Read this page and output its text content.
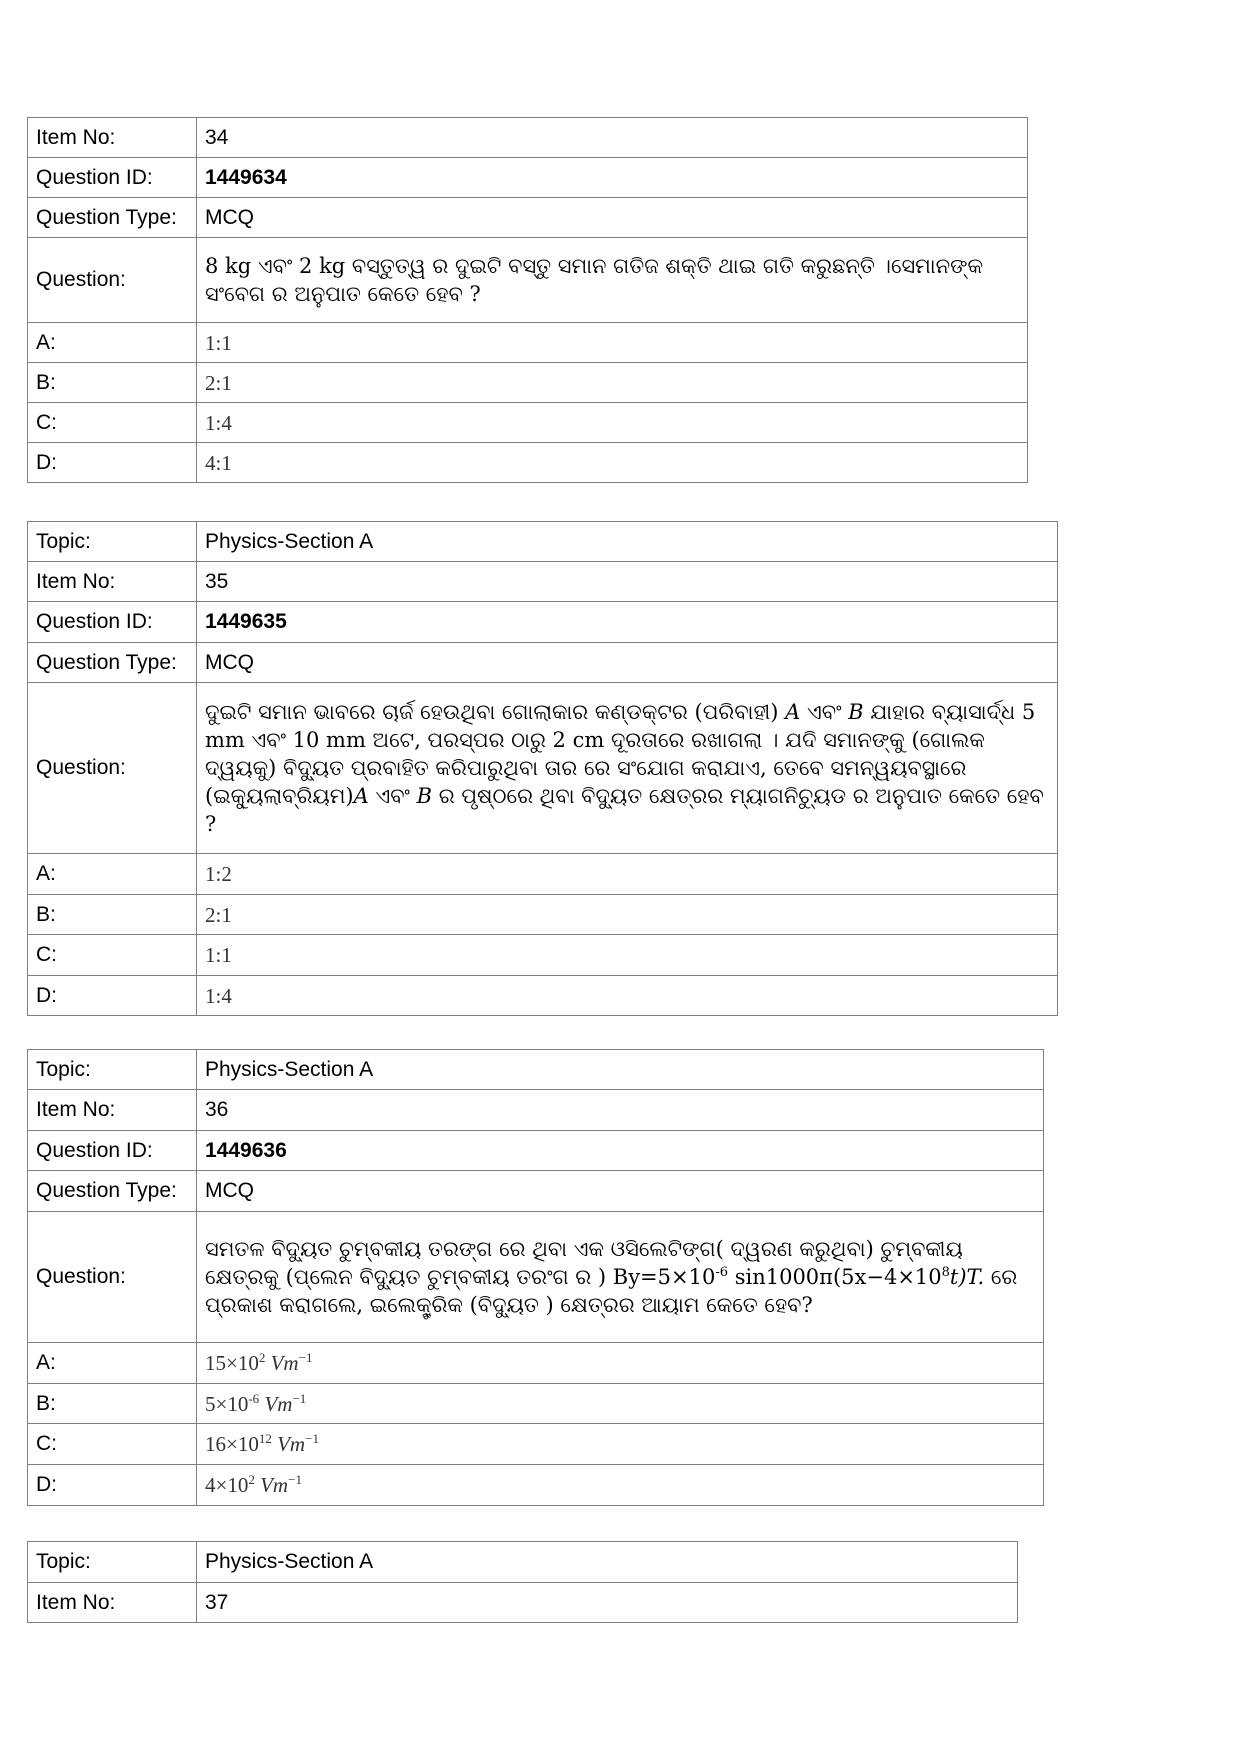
Item No:	34
Question ID:	1449634
Question Type:	MCQ
Question:	8 kg ଏବଂ 2 kg ବସ୍ତୁତ୍ୱ ର ଦୁଇଟି ବସ୍ତୁ ସମାନ ଗତିଜ ଶକ୍ତି ଥାଇ ଗତି କରୁଛନ୍ତି ।ସେମାନଙ୍କ ସଂବେଗ ର ଅନୁପାତ କେତେ ହେବ ?
A:	1:1
B:	2:1
C:	1:4
D:	4:1
Topic:	Physics-Section A
Item No:	35
Question ID:	1449635
Question Type:	MCQ
Question:	ଦୁଇଟି ସମାନ ଭାବରେ ଚାର୍ଜ ହେଉଥିବା ଗୋଲାକାର କଣ୍ଡକ୍ଟର (ପରିବାହୀ) A ଏବଂ B ଯାହାର ବ୍ୟାସାର୍ଦ୍ଧ 5 mm ଏବଂ 10 mm ଅଟେ, ପରସ୍ପର ଠାରୁ 2 cm ଦୂରତାରେ ରଖାଗଲା । ଯଦି ସମାନଙ୍କୁ (ଗୋଲକ ଦ୍ୱୟକୁ) ବିଦ୍ୟୁତ ପ୍ରବାହିତ କରିପାରୁଥିବା ତାର ରେ ସଂଯୋଗ କରାଯାଏ, ତେବେ ସମନ୍ୱୟବସ୍ଥାରେ (ଇକ୍ୟୁଲାବ୍ରିୟମ)A ଏବଂ B ର ପୃଷ୍ଠରେ ଥିବା ବିଦ୍ୟୁତ କ୍ଷେତ୍ରର ମ୍ୟାଗନିଚ୍ୟୁଡ ର ଅନୁପାତ କେତେ ହେବ ?
A:	1:2
B:	2:1
C:	1:1
D:	1:4
Topic:	Physics-Section A
Item No:	36
Question ID:	1449636
Question Type:	MCQ
Question:	ସମତଳ ବିଦ୍ୟୁତ ଚୁମ୍ବକୀୟ ତରଙ୍ଗ ରେ ଥିବା ଏକ ଓସିଲେଟିଙ୍ଗ( ଦ୍ୱରଣ କରୁଥିବା) ଚୁମ୍ବକୀୟ କ୍ଷେତ୍ରକୁ (ପ୍ଲେନ ବିଦ୍ୟୁତ ଚୁମ୍ବକୀୟ ତରଂଗ ର ) $By=5\times 10^{-6}$ $\sin 1000\pi(5x-4\times 10^8t)T$. ରେ ପ୍ରକାଶ କରାଗଲେ, ଇଲେକ୍ଟ୍ରିକ (ବିଦ୍ୟୁତ ) କ୍ଷେତ୍ରର ଆୟାମ କେତେ ହେବ?
A:	$15\times 10^2$ $Vm^{-1}$
B:	$5\times 10^{-6}$ $Vm^{-1}$
C:	$16\times 10^{12}$ $Vm^{-1}$
D:	$4\times 10^2$ $Vm^{-1}$
Topic:	Physics-Section A
Item No:	37
